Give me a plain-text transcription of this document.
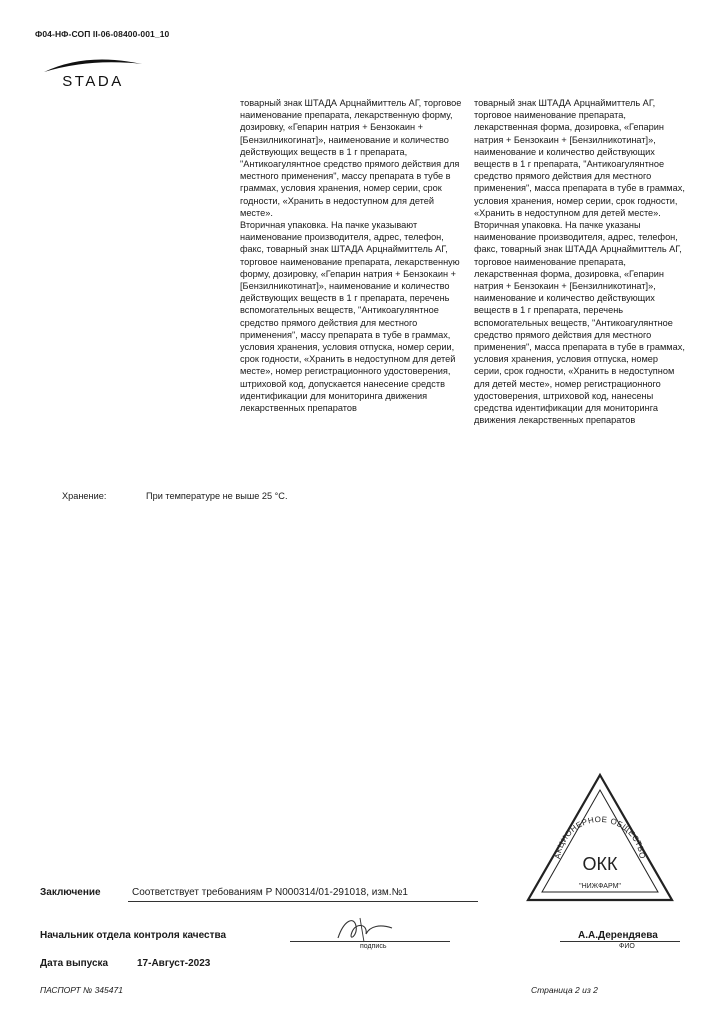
Ф04-НФ-СОП II-06-08400-001_10
STADA

товарный знак ШТАДА Арцнаймиттель АГ, торговое наименование препарата, лекарственную форму, дозировку, «Гепарин натрия + Бензокаин + [Бензилникогинат]», наименование и количество действующих веществ в 1 г препарата, "Антикоагулянтное средство прямого действия для местного применения", массу препарата в тубе в граммах, условия хранения, номер серии, срок годности, «Хранить в недоступном для детей месте».

Вторичная упаковка. На пачке указывают наименование производителя, адрес, телефон, факс, товарный знак ШТАДА Арцнаймиттель АГ, торговое наименование препарата, лекарственную форму, дозировку, «Гепарин натрия + Бензокаин + [Бензилникотинат]», наименование и количество действующих веществ в 1 г препарата, перечень вспомогательных веществ, "Антикоагулянтное средство прямого действия для местного применения", массу препарата в тубе в граммах, условия хранения, условия отпуска, номер серии, срок годности, «Хранить в недоступном для детей месте», номер регистрационного удостоверения, штриховой код, допускается нанесение средств идентификации для мониторинга движения лекарственных препаратов

товарный знак ШТАДА Арцнаймиттель АГ, торговое наименование препарата, лекарственная форма, дозировка, «Гепарин натрия + Бензокаин + [Бензилникотинат]», наименование и количество действующих веществ в 1 г препарата, "Антикоагулянтное средство прямого действия для местного применения", масса препарата в тубе в граммах, условия хранения, номер серии, срок годности, «Хранить в недоступном для детей месте».

Вторичная упаковка. На пачке указаны наименование производителя, адрес, телефон, факс, товарный знак ШТАДА Арцнаймиттель АГ, торговое наименование препарата, лекарственная форма, дозировка, «Гепарин натрия + Бензокаин + [Бензилникотинат]», наименование и количество действующих веществ в 1 г препарата, перечень вспомогательных веществ, "Антикоагулянтное средство прямого действия для местного применения", масса препарата в тубе в граммах, условия хранения, условия отпуска, номер серии, срок годности, «Хранить в недоступном для детей месте», номер регистрационного удостоверения, штриховой код, нанесены средства идентификации для мониторинга движения лекарственных препаратов

Хранение:	При температуре не выше 25 °С.
АКЦИОНЕРНОЕ ОБЩЕСТВО
ОКК
"НИЖФАРМ"
Заключение	Соответствует требованиям Р N000314/01-291018, изм.№1
Начальник отдела контроля качества
подпись
А.А.Дерендяева
ФИО
Дата выпуска	17-Август-2023
ПАСПОРТ № 345471	Страница 2 из 2
